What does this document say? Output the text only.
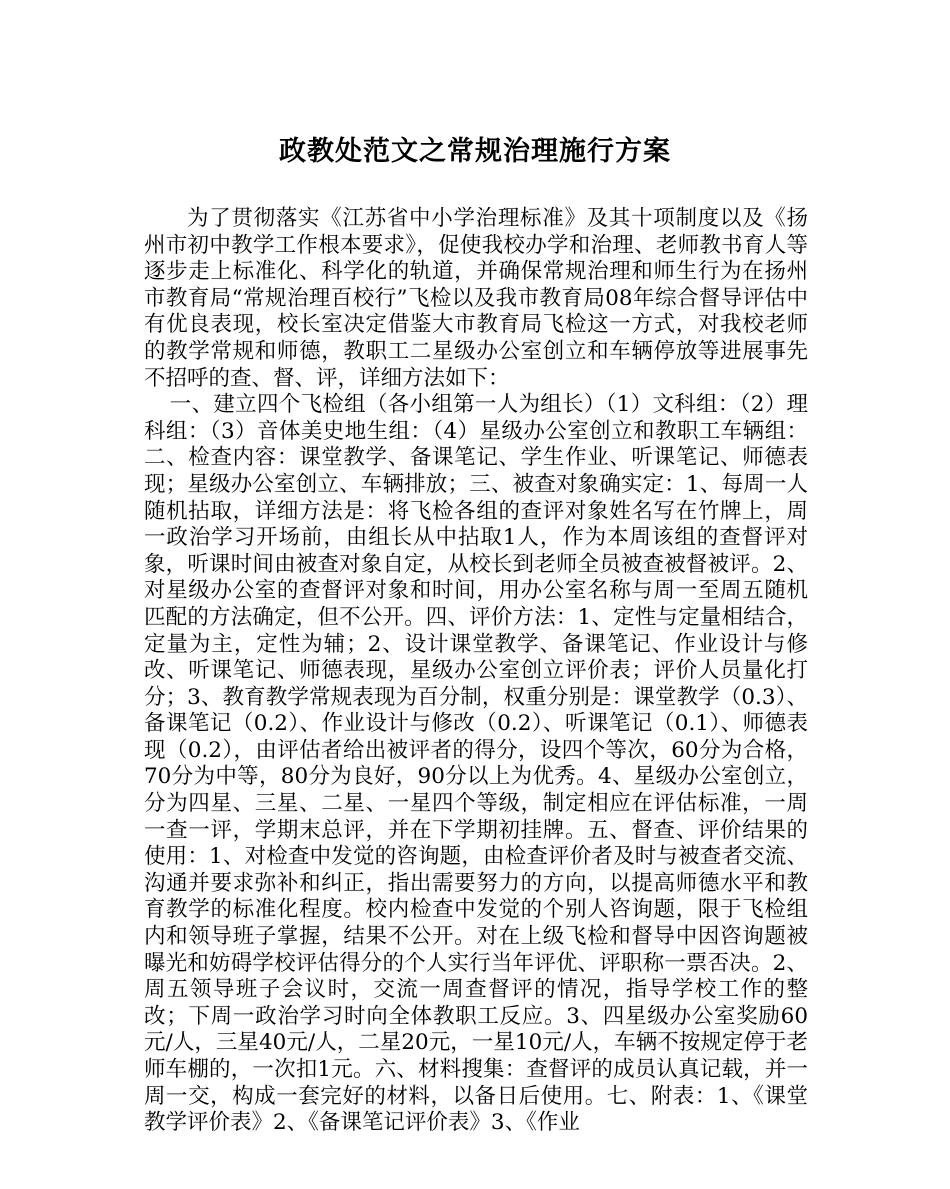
政教处范文之常规治理施行方案

为了贯彻落实《江苏省中小学治理标准》及其十项制度以及《扬州市初中教学工作根本要求》，促使我校办学和治理、老师教书育人等逐步走上标准化、科学化的轨道，并确保常规治理和师生行为在扬州市教育局“常规治理百校行”飞检以及我市教育局08年综合督导评估中有优良表现，校长室决定借鉴大市教育局飞检这一方式，对我校老师的教学常规和师德，教职工二星级办公室创立和车辆停放等进展事先不招呼的查、督、评，详细方法如下：

一、建立四个飞检组（各小组第一人为组长）（1）文科组：（2）理科组：（3）音体美史地生组：（4）星级办公室创立和教职工车辆组：二、检查内容：课堂教学、备课笔记、学生作业、听课笔记、师德表现；星级办公室创立、车辆排放；三、被查对象确实定：1、每周一人随机拈取，详细方法是：将飞检各组的查评对象姓名写在竹牌上，周一政治学习开场前，由组长从中拈取1人，作为本周该组的查督评对象，听课时间由被查对象自定，从校长到老师全员被查被督被评。2、对星级办公室的查督评对象和时间，用办公室名称与周一至周五随机匹配的方法确定，但不公开。四、评价方法：1、定性与定量相结合，定量为主，定性为辅；2、设计课堂教学、备课笔记、作业设计与修改、听课笔记、师德表现，星级办公室创立评价表；评价人员量化打分；3、教育教学常规表现为百分制，权重分别是：课堂教学（0.3）、备课笔记（0.2）、作业设计与修改（0.2）、听课笔记（0.1）、师德表现（0.2），由评估者给出被评者的得分，设四个等次，60分为合格，70分为中等，80分为良好，90分以上为优秀。4、星级办公室创立，分为四星、三星、二星、一星四个等级，制定相应在评估标准，一周一查一评，学期末总评，并在下学期初挂牌。五、督查、评价结果的使用：1、对检查中发觉的咨询题，由检查评价者及时与被查者交流、沟通并要求弥补和纠正，指出需要努力的方向，以提高师德水平和教育教学的标准化程度。校内检查中发觉的个别人咨询题，限于飞检组内和领导班子掌握，结果不公开。对在上级飞检和督导中因咨询题被曝光和妨碍学校评估得分的个人实行当年评优、评职称一票否决。2、周五领导班子会议时，交流一周查督评的情况，指导学校工作的整改；下周一政治学习时向全体教职工反应。3、四星级办公室奖励60元/人，三星40元/人，二星20元，一星10元/人，车辆不按规定停于老师车棚的，一次扣1元。六、材料搜集：查督评的成员认真记载，并一周一交，构成一套完好的材料，以备日后使用。七、附表：1、《课堂教学评价表》2、《备课笔记评价表》3、《作业
